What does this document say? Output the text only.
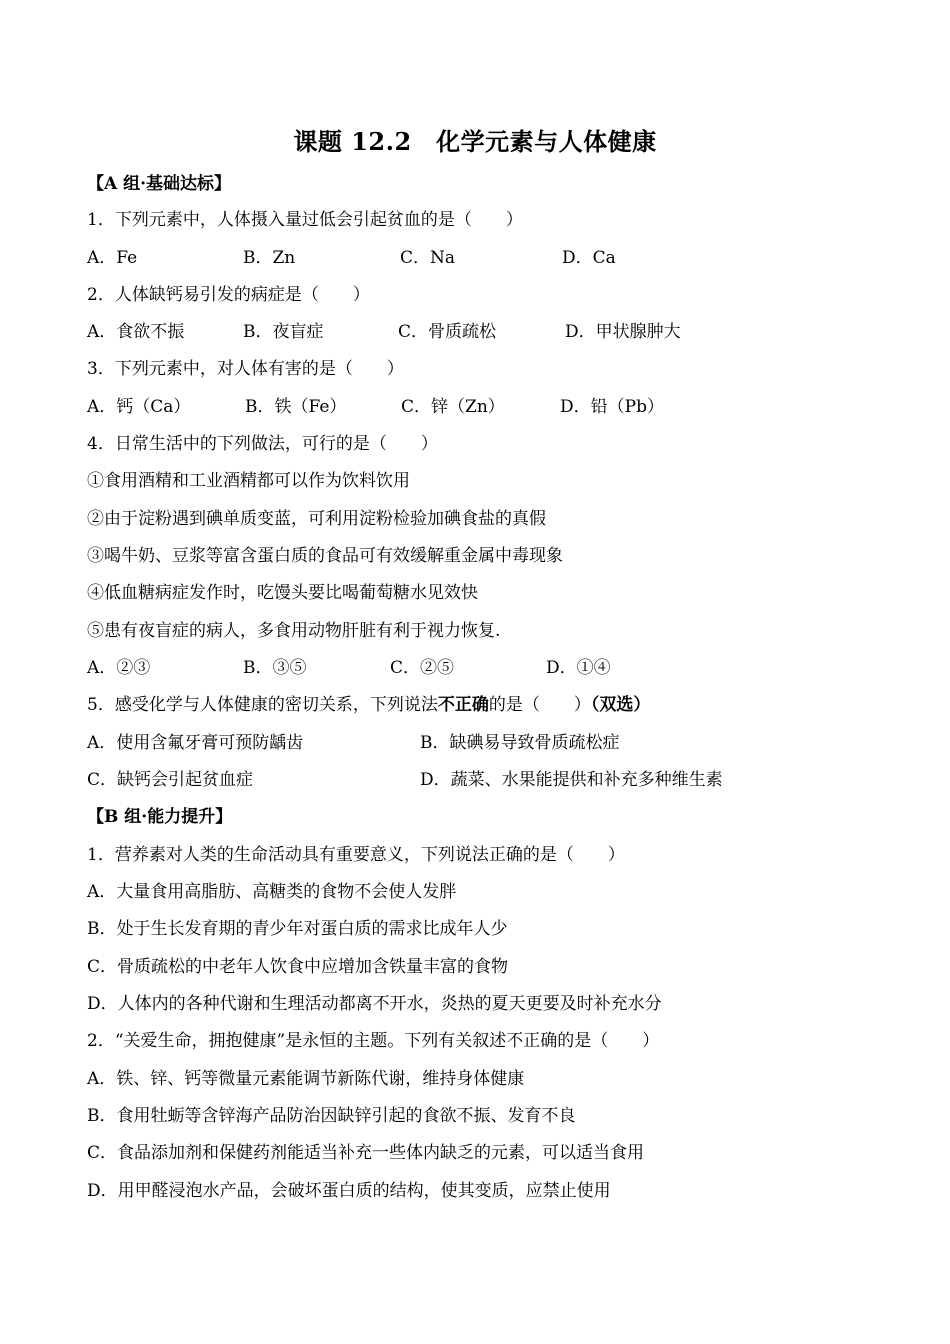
课题 12.2　化学元素与人体健康
【A 组·基础达标】
1．下列元素中，人体摄入量过低会引起贫血的是（　　）
A．Fe	B．Zn	C．Na	D．Ca
2．人体缺钙易引发的病症是（　　）
A．食欲不振	B．夜盲症	C．骨质疏松	D．甲状腺肿大
3．下列元素中，对人体有害的是（　　）
A．钙（Ca）	B．铁（Fe）	C．锌（Zn）	D．铅（Pb）
4．日常生活中的下列做法，可行的是（　　）
①食用酒精和工业酒精都可以作为饮料饮用
②由于淀粉遇到碘单质变蓝，可利用淀粉检验加碘食盐的真假
③喝牛奶、豆浆等富含蛋白质的食品可有效缓解重金属中毒现象
④低血糖病症发作时，吃馒头要比喝葡萄糖水见效快
⑤患有夜盲症的病人，多食用动物肝脏有利于视力恢复.
A．②③	B．③⑤	C．②⑤	D．①④
5．感受化学与人体健康的密切关系，下列说法不正确的是（　　）（双选）
A．使用含氟牙膏可预防龋齿	B．缺碘易导致骨质疏松症
C．缺钙会引起贫血症	D．蔬菜、水果能提供和补充多种维生素
【B 组·能力提升】
1．营养素对人类的生命活动具有重要意义，下列说法正确的是（　　）
A．大量食用高脂肪、高糖类的食物不会使人发胖
B．处于生长发育期的青少年对蛋白质的需求比成年人少
C．骨质疏松的中老年人饮食中应增加含铁量丰富的食物
D．人体内的各种代谢和生理活动都离不开水，炎热的夏天更要及时补充水分
2．“关爱生命，拥抱健康”是永恒的主题。下列有关叙述不正确的是（　　）
A．铁、锌、钙等微量元素能调节新陈代谢，维持身体健康
B．食用牡蛎等含锌海产品防治因缺锌引起的食欲不振、发育不良
C．食品添加剂和保健药剂能适当补充一些体内缺乏的元素，可以适当食用
D．用甲醛浸泡水产品，会破坏蛋白质的结构，使其变质，应禁止使用
